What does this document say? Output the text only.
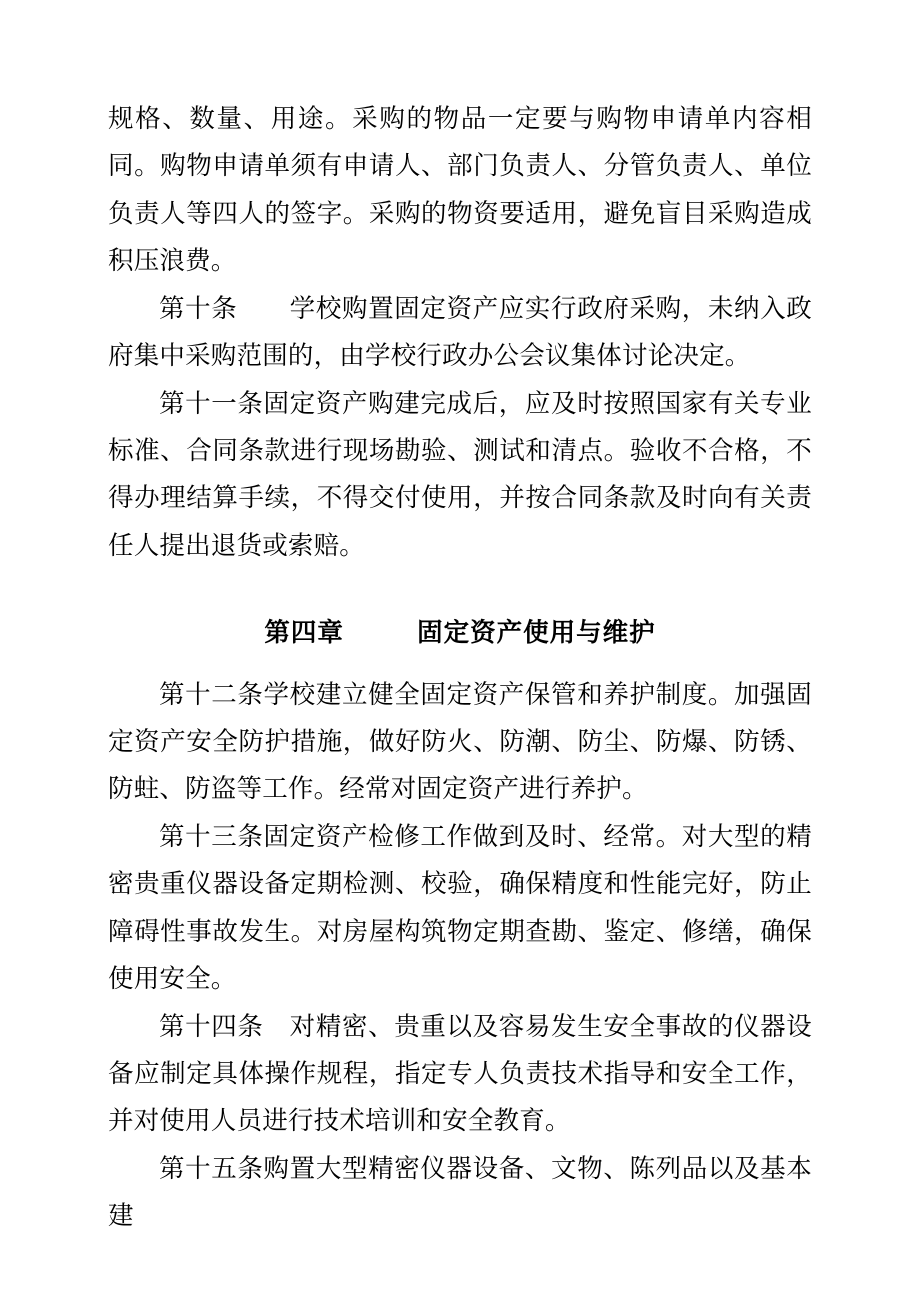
规格、数量、用途。采购的物品一定要与购物申请单内容相同。购物申请单须有申请人、部门负责人、分管负责人、单位负责人等四人的签字。采购的物资要适用，避免盲目采购造成积压浪费。

第十条　　学校购置固定资产应实行政府采购，未纳入政府集中采购范围的，由学校行政办公会议集体讨论决定。

第十一条固定资产购建完成后，应及时按照国家有关专业标准、合同条款进行现场勘验、测试和清点。验收不合格，不得办理结算手续，不得交付使用，并按合同条款及时向有关责任人提出退货或索赔。

第四章	固定资产使用与维护

第十二条学校建立健全固定资产保管和养护制度。加强固定资产安全防护措施，做好防火、防潮、防尘、防爆、防锈、防蛀、防盗等工作。经常对固定资产进行养护。

第十三条固定资产检修工作做到及时、经常。对大型的精密贵重仪器设备定期检测、校验，确保精度和性能完好，防止障碍性事故发生。对房屋构筑物定期查勘、鉴定、修缮，确保使用安全。

第十四条　对精密、贵重以及容易发生安全事故的仪器设备应制定具体操作规程，指定专人负责技术指导和安全工作，并对使用人员进行技术培训和安全教育。

第十五条购置大型精密仪器设备、文物、陈列品以及基本建
